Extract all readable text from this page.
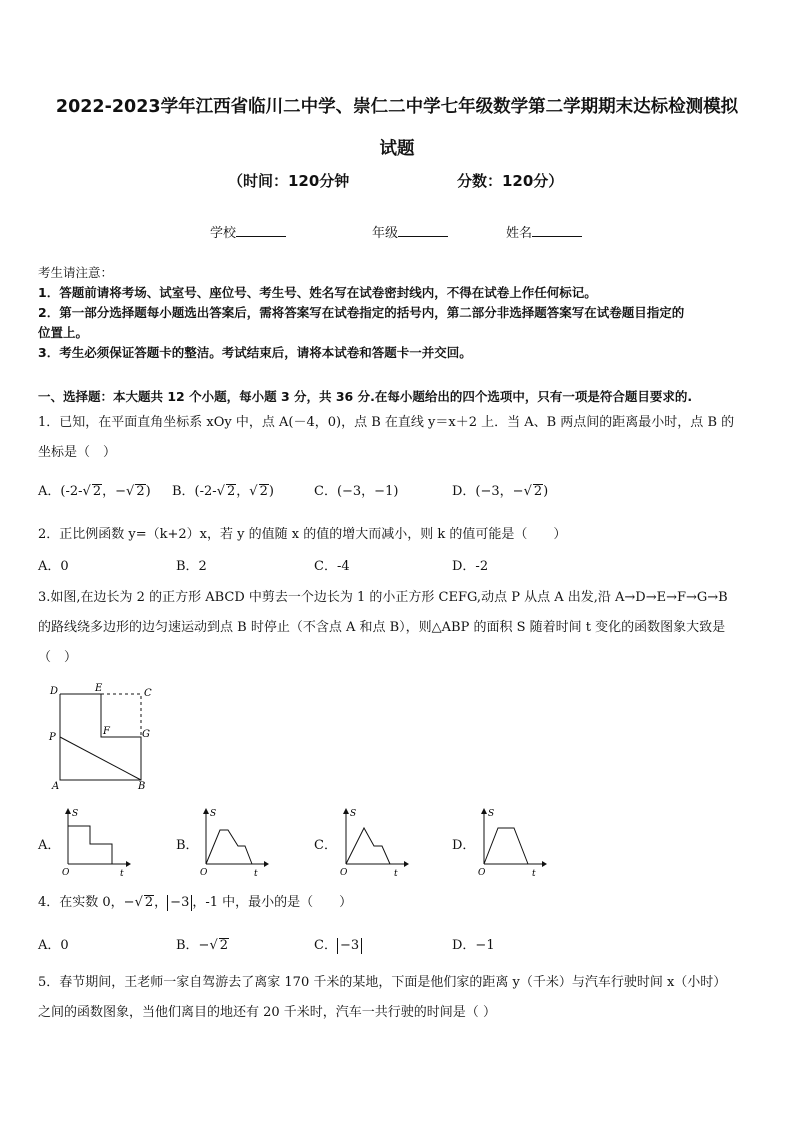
2022-2023学年江西省临川二中学、崇仁二中学七年级数学第二学期期末达标检测模拟
试题
（时间：120分钟	分数：120分）
学校	年级	姓名
考生请注意：
1．答题前请将考场、试室号、座位号、考生号、姓名写在试卷密封线内，不得在试卷上作任何标记。
2．第一部分选择题每小题选出答案后，需将答案写在试卷指定的括号内，第二部分非选择题答案写在试卷题目指定的
位置上。
3．考生必须保证答题卡的整洁。考试结束后，请将本试卷和答题卡一并交回。
一、选择题：本大题共 12 个小题，每小题 3 分，共 36 分.在每小题给出的四个选项中，只有一项是符合题目要求的.
1．已知，在平面直角坐标系 xOy 中，点 A(－4，0)，点 B 在直线 y＝x＋2 上．当 A、B 两点间的距离最小时，点 B 的
坐标是（　）
A．(-2-√ 2，−√ 2) B．(-2-√ 2，√ 2)	C．(−3，−1)	D．(−3，−√ 2)
2．正比例函数 y=（k+2）x，若 y 的值随 x 的值的增大而减小，则 k 的值可能是（　　）
A．0	B．2	C．-4	D．-2
3.如图,在边长为 2 的正方形 ABCD 中剪去一个边长为 1 的小正方形 CEFG,动点 P 从点 A 出发,沿 A→D→E→F→G→B
的路线绕多边形的边匀速运动到点 B 时停止（不含点 A 和点 B），则△ABP 的面积 S 随着时间 t 变化的函数图象大致是
（　）
D	E	C
P
F	G
A	B
A．
S
O	t
B．
S
O	t
C．
S
O	t
D．
S
O	t
4．在实数 0，−√ 2， −3 ，-1 中，最小的是（　　）
A．0	B．−√ 2	C． −3	D．−1
5．春节期间，王老师一家自驾游去了离家 170 千米的某地，下面是他们家的距离 y（千米）与汽车行驶时间 x（小时）
之间的函数图象，当他们离目的地还有 20 千米时，汽车一共行驶的时间是（ ）
